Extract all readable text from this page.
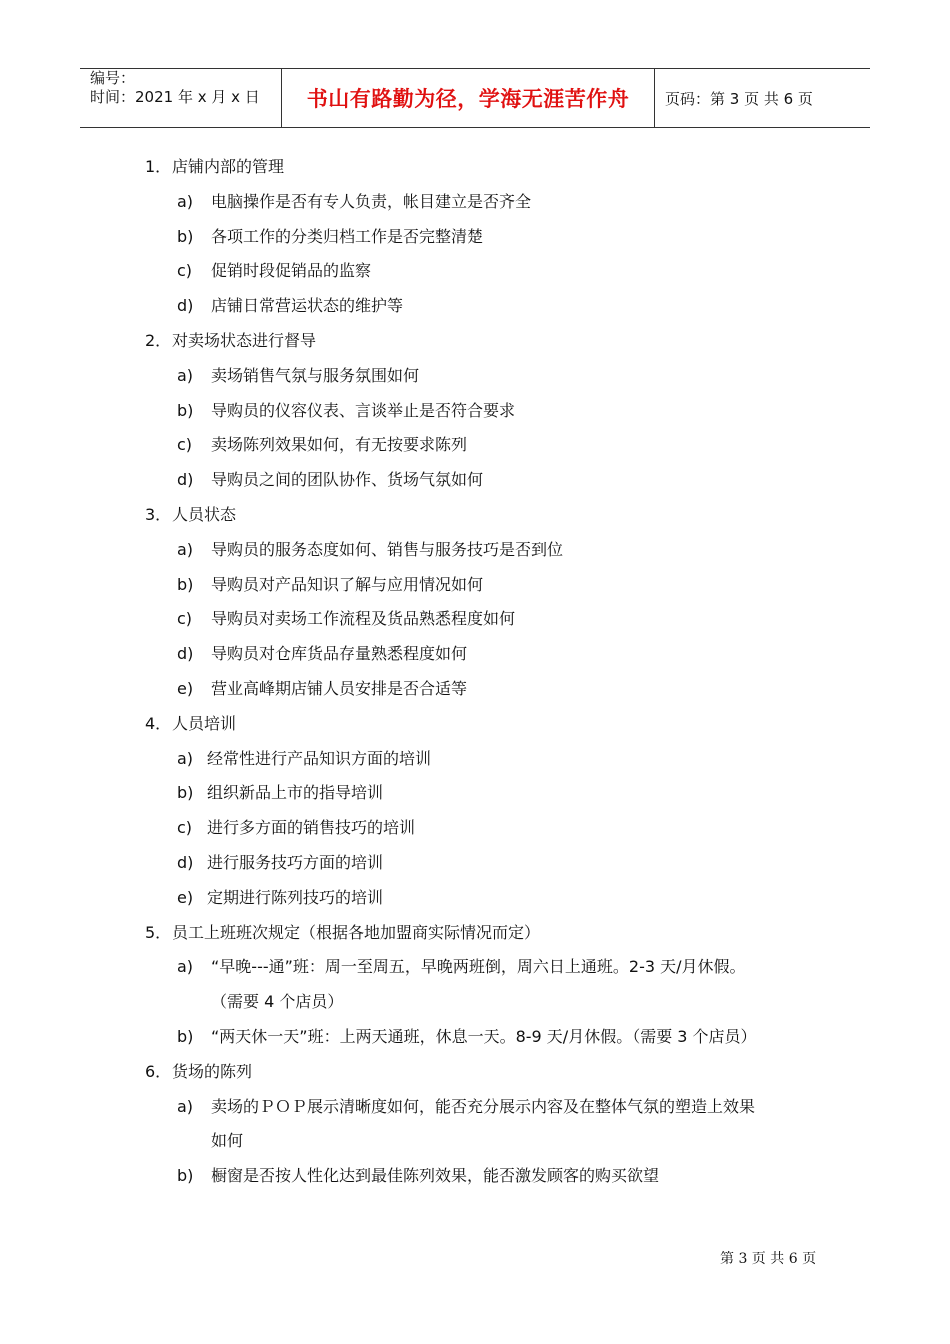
编号：
时间：2021 年 x 月 x 日 书山有路勤为径，学海无涯苦作舟 页码：第 3 页 共 6 页
1．店铺内部的管理
a) 电脑操作是否有专人负责，帐目建立是否齐全
b) 各项工作的分类归档工作是否完整清楚
c) 促销时段促销品的监察
d) 店铺日常营运状态的维护等
2．对卖场状态进行督导
a) 卖场销售气氛与服务氛围如何
b) 导购员的仪容仪表、言谈举止是否符合要求
c) 卖场陈列效果如何，有无按要求陈列
d) 导购员之间的团队协作、货场气氛如何
3．人员状态
a) 导购员的服务态度如何、销售与服务技巧是否到位
b) 导购员对产品知识了解与应用情况如何
c) 导购员对卖场工作流程及货品熟悉程度如何
d) 导购员对仓库货品存量熟悉程度如何
e) 营业高峰期店铺人员安排是否合适等
4．人员培训
a) 经常性进行产品知识方面的培训
b) 组织新品上市的指导培训
c) 进行多方面的销售技巧的培训
d) 进行服务技巧方面的培训
e) 定期进行陈列技巧的培训
5．员工上班班次规定（根据各地加盟商实际情况而定）
a) “早晚---通”班：周一至周五，早晚两班倒，周六日上通班。2-3 天/月休假。
（需要 4 个店员）
b) “两天休一天”班：上两天通班，休息一天。8-9 天/月休假。（需要 3 个店员）
6．货场的陈列
a) 卖场的ＰＯＰ展示清晰度如何，能否充分展示内容及在整体气氛的塑造上效果
如何
b) 橱窗是否按人性化达到最佳陈列效果，能否激发顾客的购买欲望
第 3 页 共 6 页
